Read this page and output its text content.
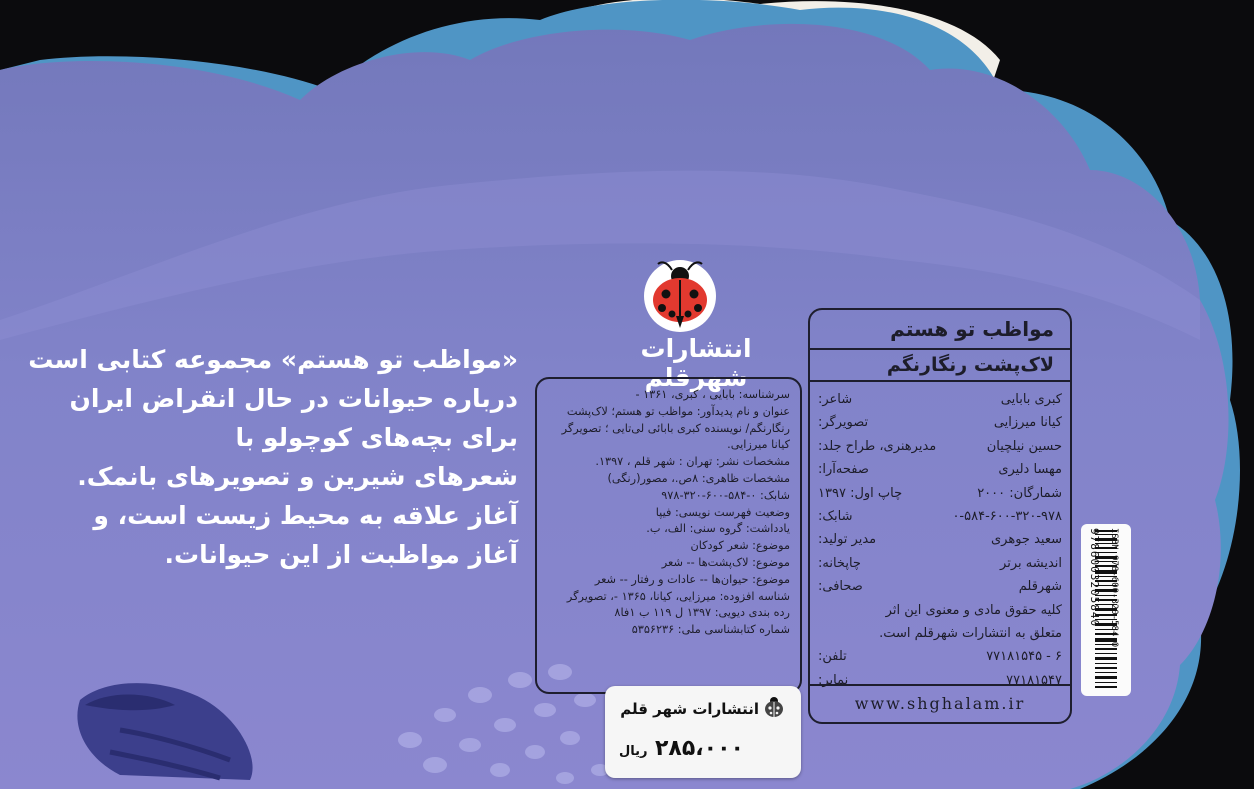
انتشارات شهرقلم
«مواظب تو هستم» مجموعه کتابی است
درباره حیوانات در حال انقراض ایران
برای بچه‌های کوچولو با
شعرهای شیرین و تصویرهای بانمک.
آغاز علاقه به محیط زیست است، و
آغاز مواظبت از این حیوانات.
سرشناسه: بابایی ، کبری، ۱۳۶۱ -
عنوان و نام پدیدآور: مواظب تو هستم؛ لاک‌پشت
رنگارنگم/ نویسنده کبری بابائی لی‌تایی ؛ تصویرگر
کیانا میرزایی.
مشخصات نشر: تهران : شهر قلم ، ۱۳۹۷.
مشخصات ظاهری: ۸ص.، مصور(رنگی)
شابک: ۰-۵۸۴-۶۰۰-۳۲۰-۹۷۸
وضعیت فهرست نویسی: فیپا
یادداشت: گروه سنی: الف، ب.
موضوع: شعر کودکان
موضوع: لاک‌پشت‌ها -- شعر
موضوع: حیوان‌ها -- عادات و رفتار -- شعر
شناسه افزوده: میرزایی، کیانا، ۱۳۶۵ -، تصویرگر
رده بندی دیویی: ۱۳۹۷ ل ۱۱۹ ب ۱فا۸
شماره کتابشناسی ملی: ۵۳۵۶۲۳۶
مواظب تو هستم
لاک‌پشت رنگارنگم
شاعر:	کبری بابایی
تصویرگر:	کیانا میرزایی
مدیرهنری، طراح جلد:	حسین نیلچیان
صفحه‌آرا:	مهسا دلیری
چاپ اول: ۱۳۹۷	شمارگان: ۲۰۰۰
شابک:	۰-۵۸۴-۶۰۰-۳۲۰-۹۷۸
مدیر تولید:	سعید جوهری
چاپخانه:	اندیشه برتر
صحافی:	شهرقلم
کلیه حقوق مادی و معنوی این اثر
متعلق به انتشارات شهرقلم است.
تلفن:	۶ - ۷۷۱۸۱۵۴۵
نمابر:	۷۷۱۸۱۵۴۷
www.shghalam.ir
ISBN 978-600-320-584-0
9786003205840
انتشارات شهر قلم
۲۸۵،۰۰۰
ریال
